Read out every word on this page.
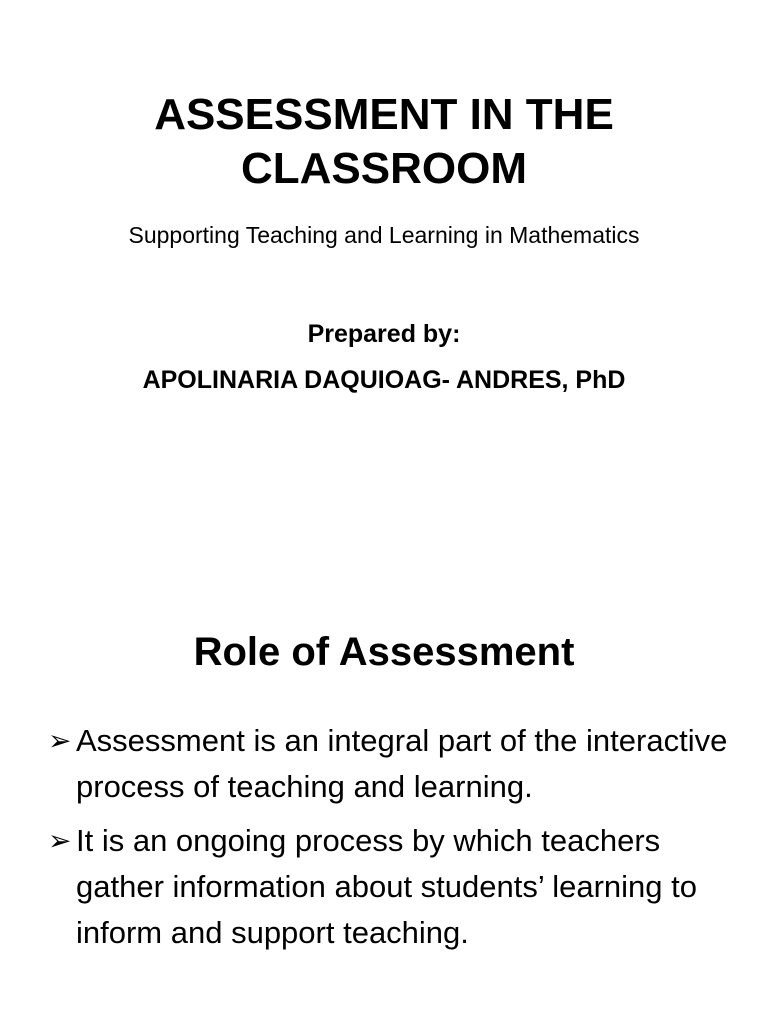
ASSESSMENT IN THE CLASSROOM

Supporting Teaching and Learning in Mathematics

Prepared by:

APOLINARIA DAQUIOAG- ANDRES, PhD

Role of Assessment
➢ Assessment is an integral part of the interactive process of teaching and learning.
➢ It is an ongoing process by which teachers gather information about students’ learning to inform and support teaching.
